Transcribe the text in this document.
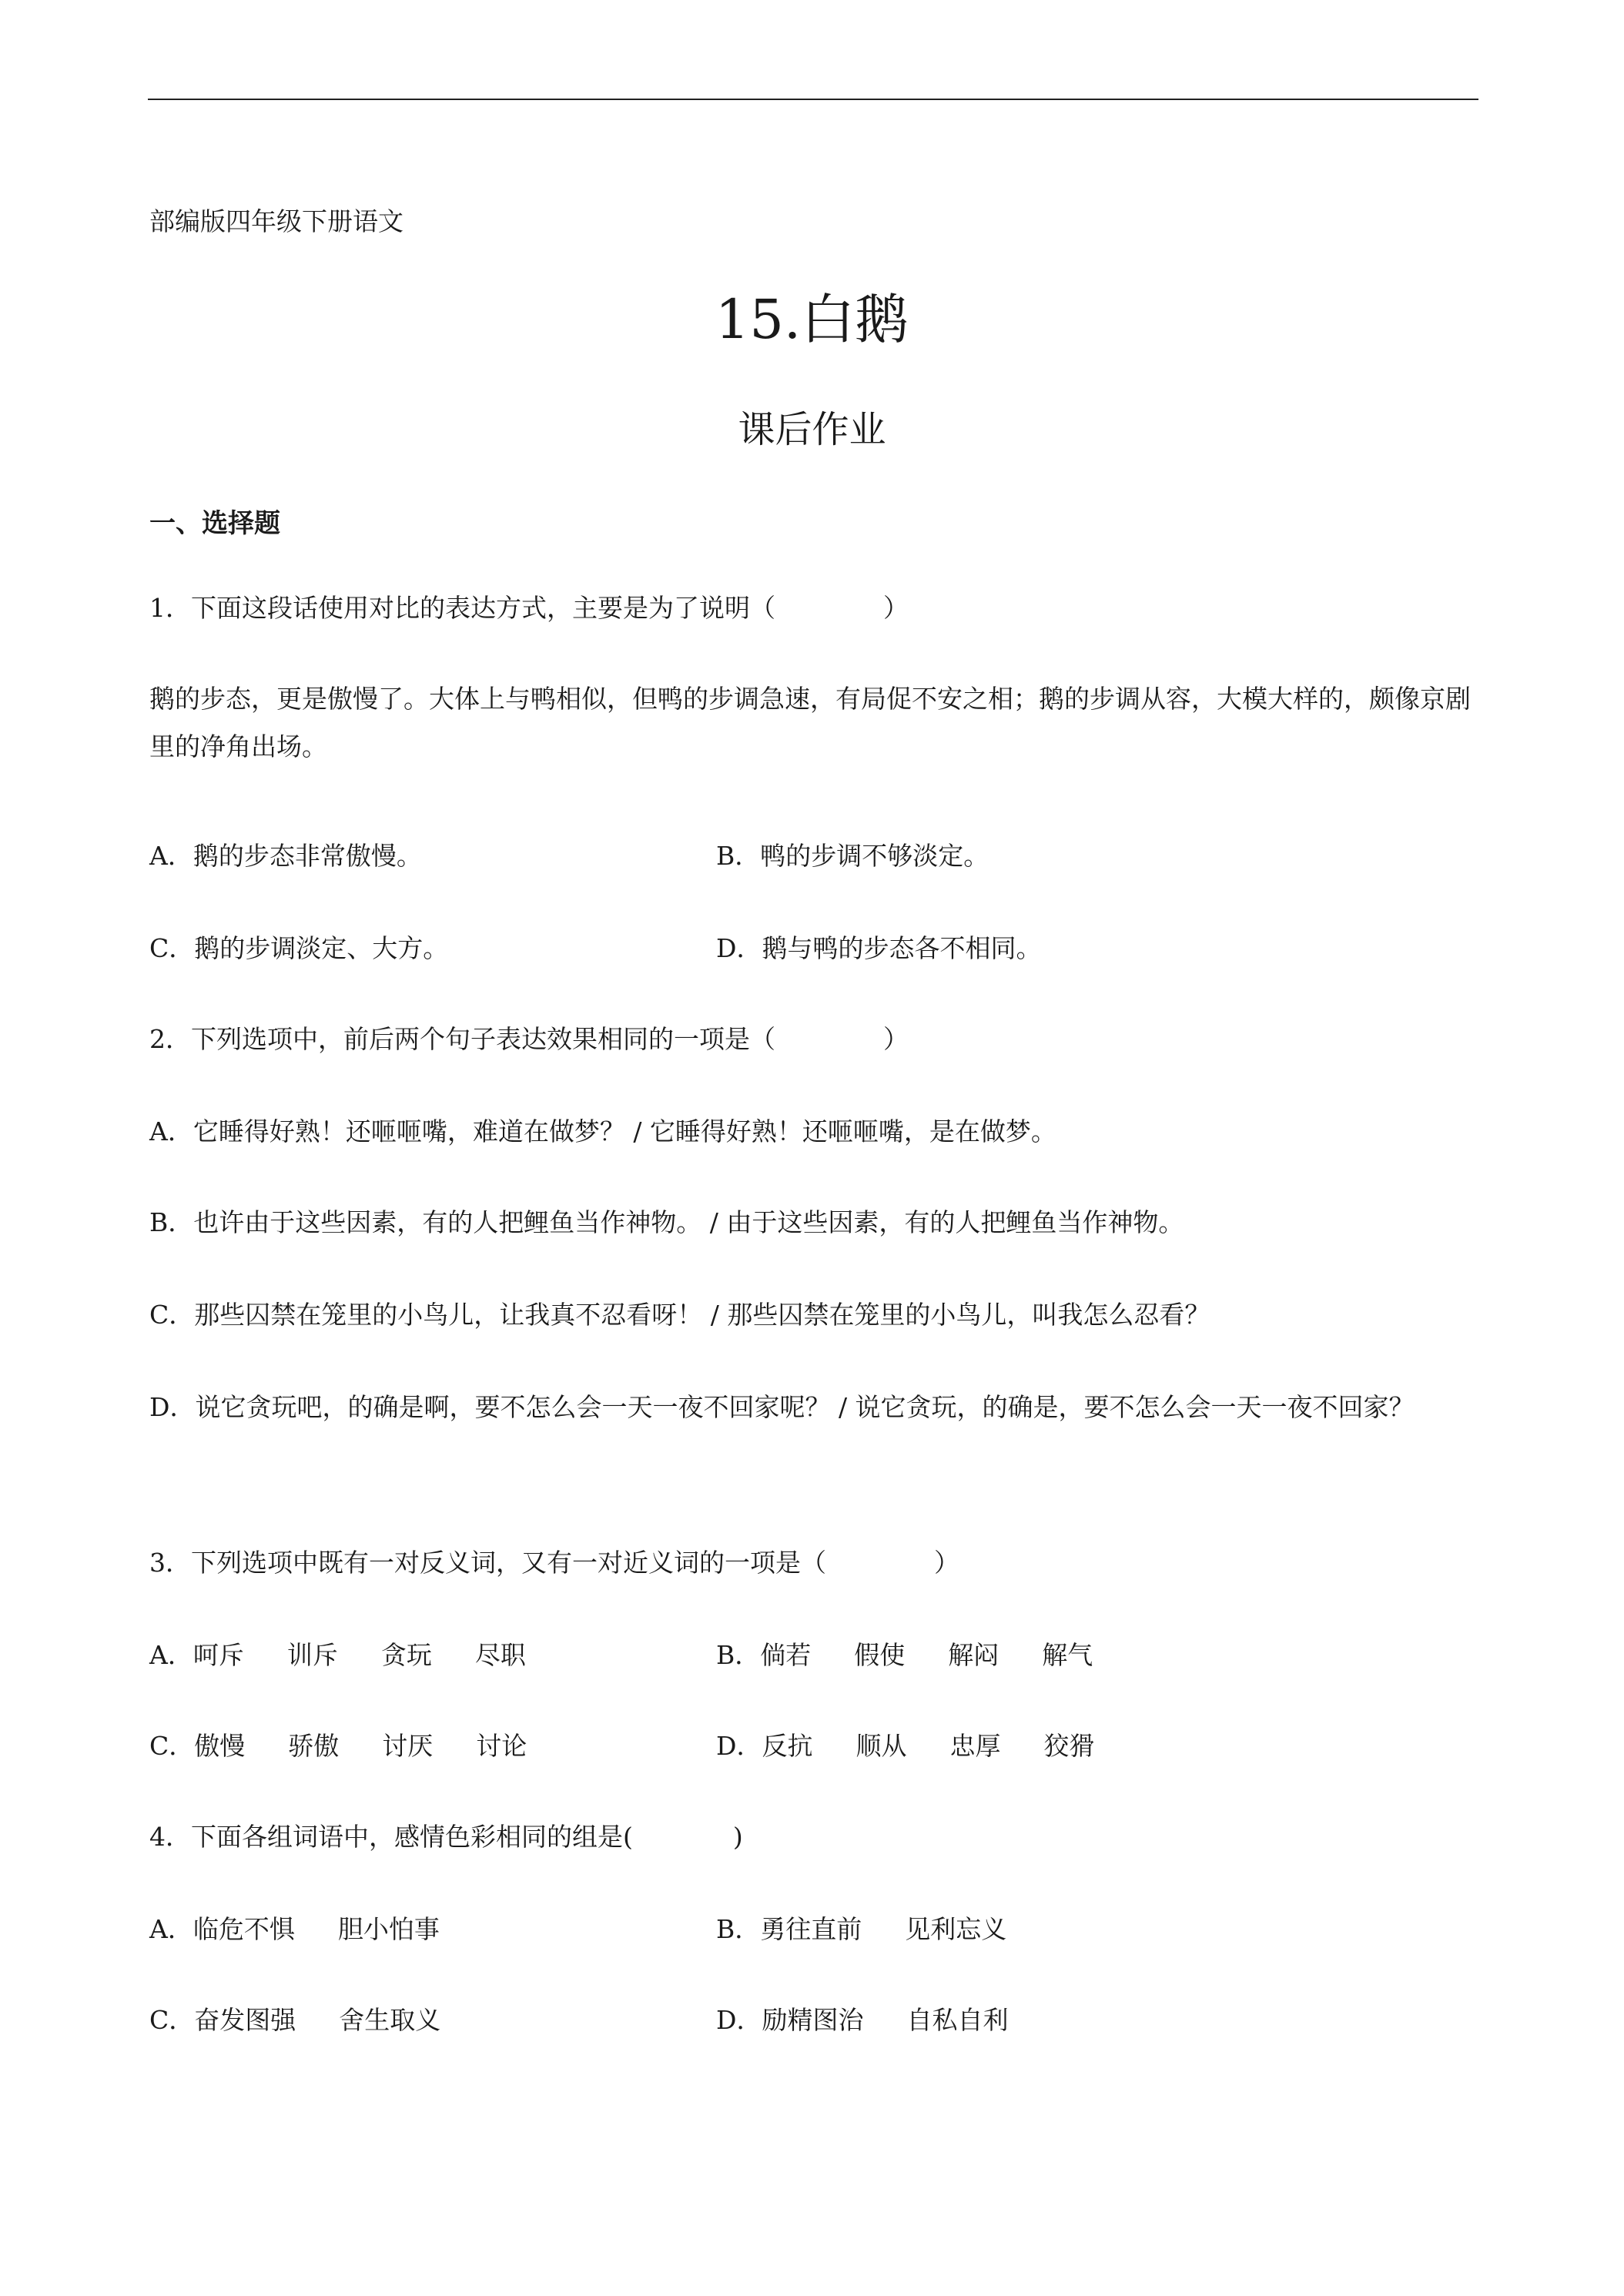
部编版四年级下册语文
15.白鹅
课后作业
一、选择题
1．下面这段话使用对比的表达方式，主要是为了说明（	）
鹅的步态，更是傲慢了。大体上与鸭相似，但鸭的步调急速，有局促不安之相；鹅的步调从容，大模大样的，颇像京剧里的净角出场。
A．鹅的步态非常傲慢。	B．鸭的步调不够淡定。
C．鹅的步调淡定、大方。	D．鹅与鸭的步态各不相同。
2．下列选项中，前后两个句子表达效果相同的一项是（	）
A．它睡得好熟！还咂咂嘴，难道在做梦？ / 它睡得好熟！还咂咂嘴，是在做梦。
B．也许由于这些因素，有的人把鲤鱼当作神物。 / 由于这些因素，有的人把鲤鱼当作神物。
C．那些囚禁在笼里的小鸟儿，让我真不忍看呀！ / 那些囚禁在笼里的小鸟儿，叫我怎么忍看？
D．说它贪玩吧，的确是啊，要不怎么会一天一夜不回家呢？ / 说它贪玩，的确是，要不怎么会一天一夜不回家？
3．下列选项中既有一对反义词，又有一对近义词的一项是（	）
A．呵斥 训斥 贪玩 尽职	B．倘若 假使 解闷 解气
C．傲慢 骄傲 讨厌 讨论	D．反抗 顺从 忠厚 狡猾
4．下面各组词语中，感情色彩相同的组是(	)
A．临危不惧 胆小怕事	B．勇往直前 见利忘义
C．奋发图强 舍生取义	D．励精图治 自私自利
